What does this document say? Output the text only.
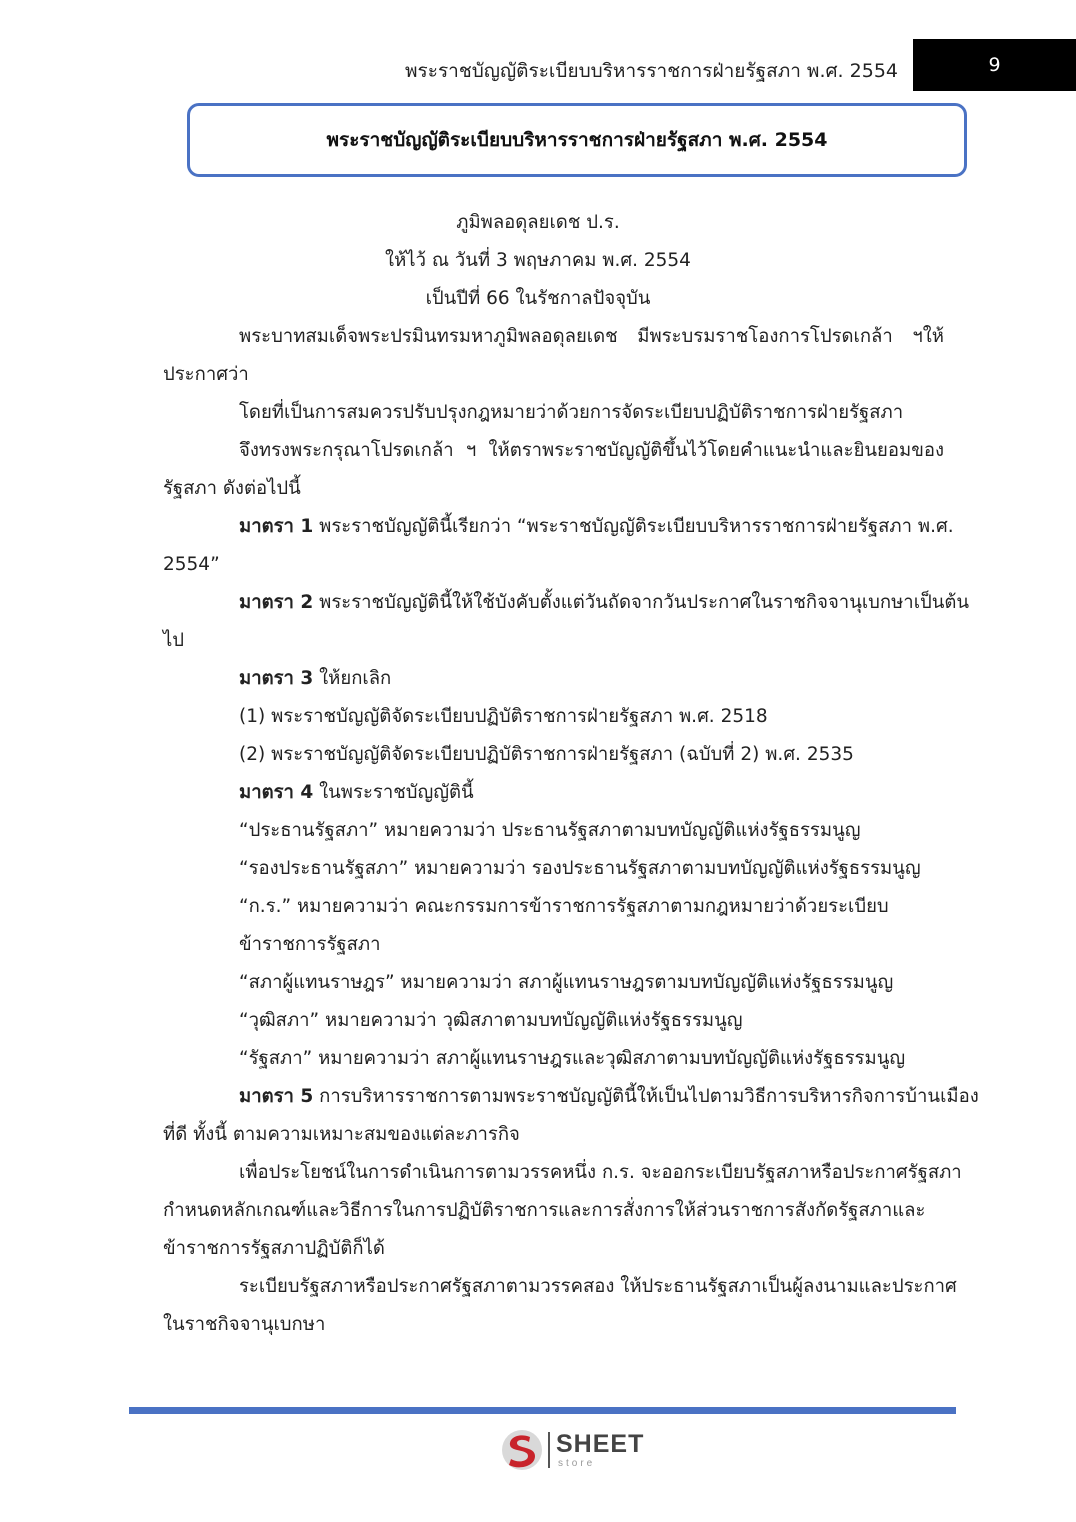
พระราชบัญญัติระเบียบบริหารราชการฝ่ายรัฐสภา พ.ศ. 2554	9
พระราชบัญญัติระเบียบบริหารราชการฝ่ายรัฐสภา พ.ศ. 2554
ภูมิพลอดุลยเดช ป.ร.
ให้ไว้ ณ วันที่ 3 พฤษภาคม พ.ศ. 2554
เป็นปีที่ 66 ในรัชกาลปัจจุบัน
พระบาทสมเด็จพระปรมินทรมหาภูมิพลอดุลยเดช มีพระบรมราชโองการโปรดเกล้า ฯให้
ประกาศว่า
โดยที่เป็นการสมควรปรับปรุงกฎหมายว่าด้วยการจัดระเบียบปฏิบัติราชการฝ่ายรัฐสภา
จึงทรงพระกรุณาโปรดเกล้า ฯ ให้ตราพระราชบัญญัติขึ้นไว้โดยคำแนะนำและยินยอมของ
รัฐสภา ดังต่อไปนี้
มาตรา 1 พระราชบัญญัตินี้เรียกว่า “พระราชบัญญัติระเบียบบริหารราชการฝ่ายรัฐสภา พ.ศ.
2554”
มาตรา 2 พระราชบัญญัตินี้ให้ใช้บังคับตั้งแต่วันถัดจากวันประกาศในราชกิจจานุเบกษาเป็นต้น
ไป
มาตรา 3 ให้ยกเลิก
(1) พระราชบัญญัติจัดระเบียบปฏิบัติราชการฝ่ายรัฐสภา พ.ศ. 2518
(2) พระราชบัญญัติจัดระเบียบปฏิบัติราชการฝ่ายรัฐสภา (ฉบับที่ 2) พ.ศ. 2535
มาตรา 4 ในพระราชบัญญัตินี้
“ประธานรัฐสภา” หมายความว่า ประธานรัฐสภาตามบทบัญญัติแห่งรัฐธรรมนูญ
“รองประธานรัฐสภา” หมายความว่า รองประธานรัฐสภาตามบทบัญญัติแห่งรัฐธรรมนูญ
“ก.ร.” หมายความว่า คณะกรรมการข้าราชการรัฐสภาตามกฎหมายว่าด้วยระเบียบ
ข้าราชการรัฐสภา
“สภาผู้แทนราษฎร” หมายความว่า สภาผู้แทนราษฎรตามบทบัญญัติแห่งรัฐธรรมนูญ
“วุฒิสภา” หมายความว่า วุฒิสภาตามบทบัญญัติแห่งรัฐธรรมนูญ
“รัฐสภา” หมายความว่า สภาผู้แทนราษฎรและวุฒิสภาตามบทบัญญัติแห่งรัฐธรรมนูญ
มาตรา 5 การบริหารราชการตามพระราชบัญญัตินี้ให้เป็นไปตามวิธีการบริหารกิจการบ้านเมือง
ที่ดี ทั้งนี้ ตามความเหมาะสมของแต่ละภารกิจ
เพื่อประโยชน์ในการดำเนินการตามวรรคหนึ่ง ก.ร. จะออกระเบียบรัฐสภาหรือประกาศรัฐสภา
กำหนดหลักเกณฑ์และวิธีการในการปฏิบัติราชการและการสั่งการให้ส่วนราชการสังกัดรัฐสภาและ
ข้าราชการรัฐสภาปฏิบัติก็ได้
ระเบียบรัฐสภาหรือประกาศรัฐสภาตามวรรคสอง ให้ประธานรัฐสภาเป็นผู้ลงนามและประกาศ
ในราชกิจจานุเบกษา
SHEET
store
